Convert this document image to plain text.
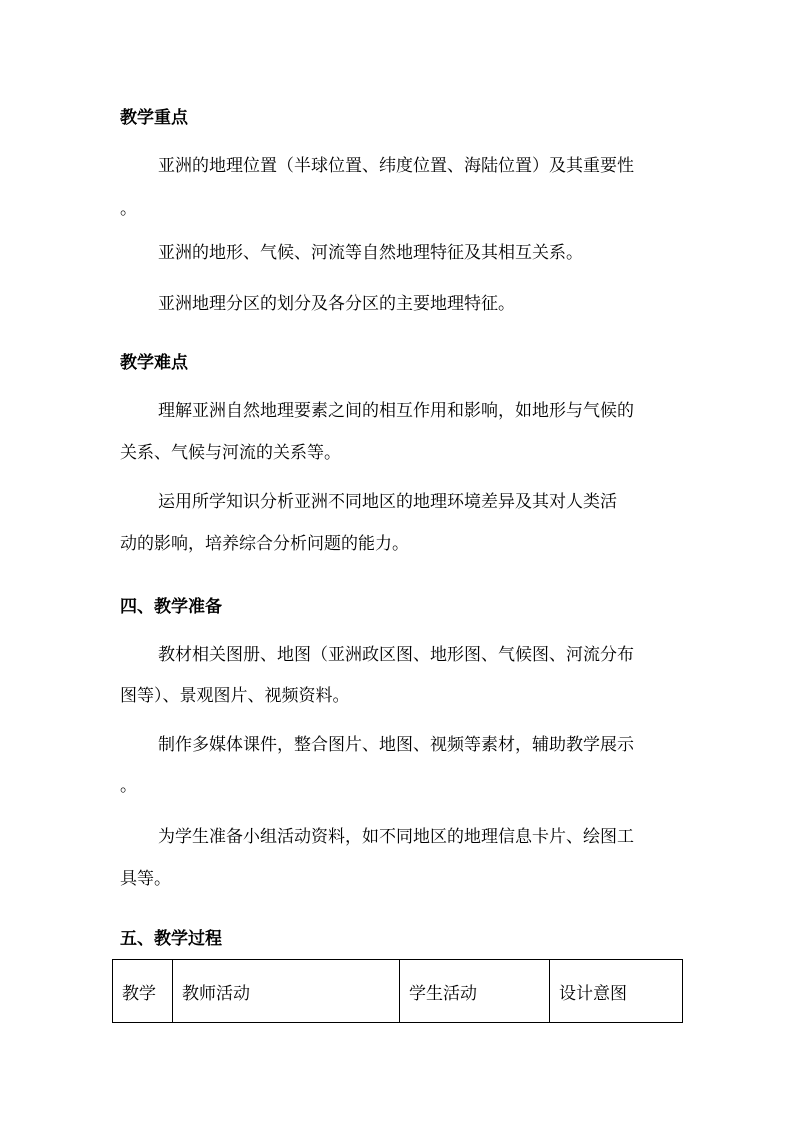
教学重点
亚洲的地理位置（半球位置、纬度位置、海陆位置）及其重要性
。
亚洲的地形、气候、河流等自然地理特征及其相互关系。
亚洲地理分区的划分及各分区的主要地理特征。
教学难点
理解亚洲自然地理要素之间的相互作用和影响，如地形与气候的
关系、气候与河流的关系等。
运用所学知识分析亚洲不同地区的地理环境差异及其对人类活
动的影响，培养综合分析问题的能力。
四、教学准备
教材相关图册、地图（亚洲政区图、地形图、气候图、河流分布
图等）、景观图片、视频资料。
制作多媒体课件，整合图片、地图、视频等素材，辅助教学展示
。
为学生准备小组活动资料，如不同地区的地理信息卡片、绘图工
具等。
五、教学过程
教学	教师活动	学生活动	设计意图
